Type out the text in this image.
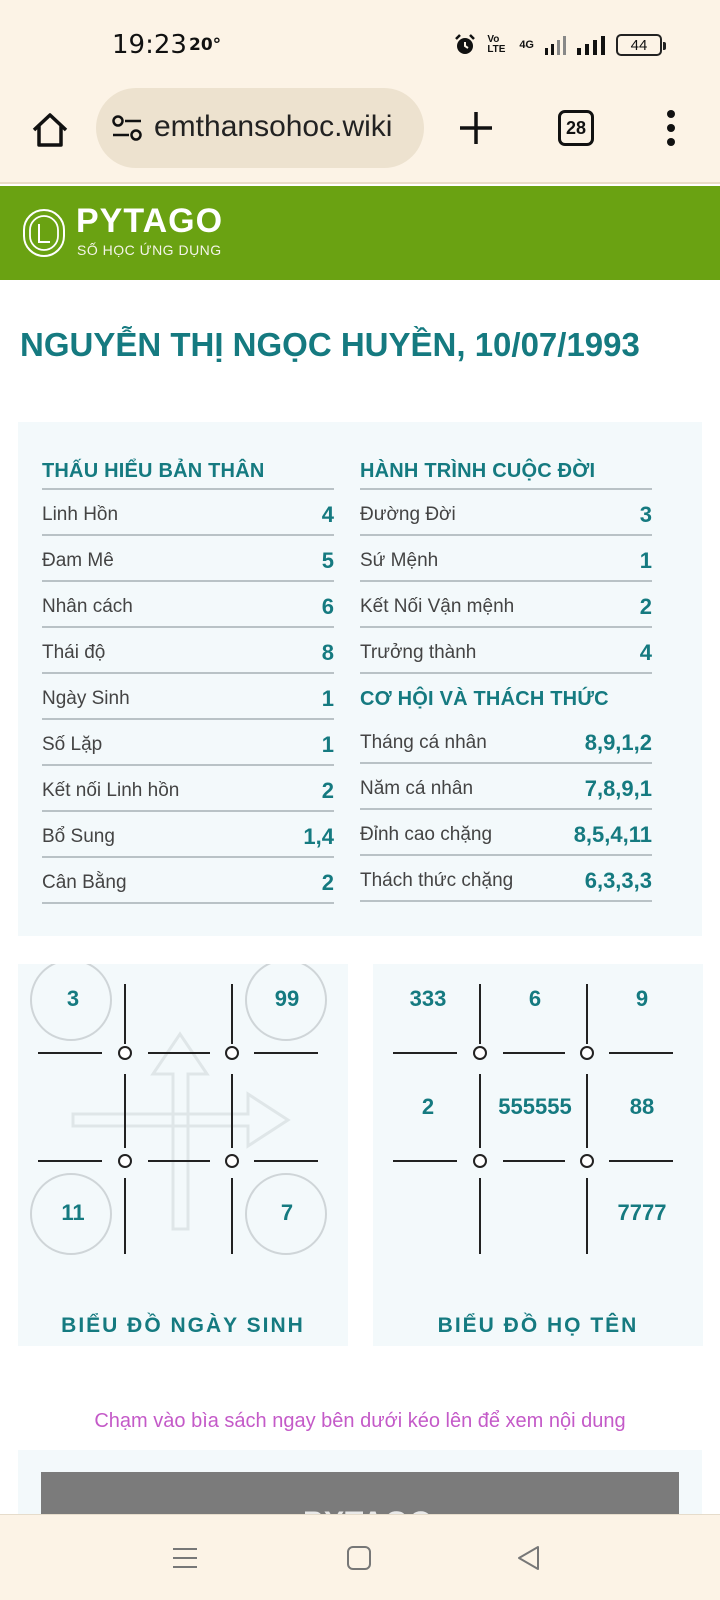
19:23 20°	Vo LTE	4G	44
emthansohoc.wiki	28
PYTAGO
SỐ HỌC ỨNG DỤNG
NGUYỄN THỊ NGỌC HUYỀN, 10/07/1993
THẤU HIỂU BẢN THÂN
Linh Hồn	4
Đam Mê	5
Nhân cách	6
Thái độ	8
Ngày Sinh	1
Số Lặp	1
Kết nối Linh hồn	2
Bổ Sung	1,4
Cân Bằng	2
HÀNH TRÌNH CUỘC ĐỜI
Đường Đời	3
Sứ Mệnh	1
Kết Nối Vận mệnh	2
Trưởng thành	4
CƠ HỘI VÀ THÁCH THỨC
Tháng cá nhân	8,9,1,2
Năm cá nhân	7,8,9,1
Đỉnh cao chặng	8,5,4,11
Thách thức chặng	6,3,3,3
3	99
11	7
BIỂU ĐỒ NGÀY SINH
333	6	9
2	555555	88
7777
BIỂU ĐỒ HỌ TÊN
Chạm vào bìa sách ngay bên dưới kéo lên để xem nội dung
